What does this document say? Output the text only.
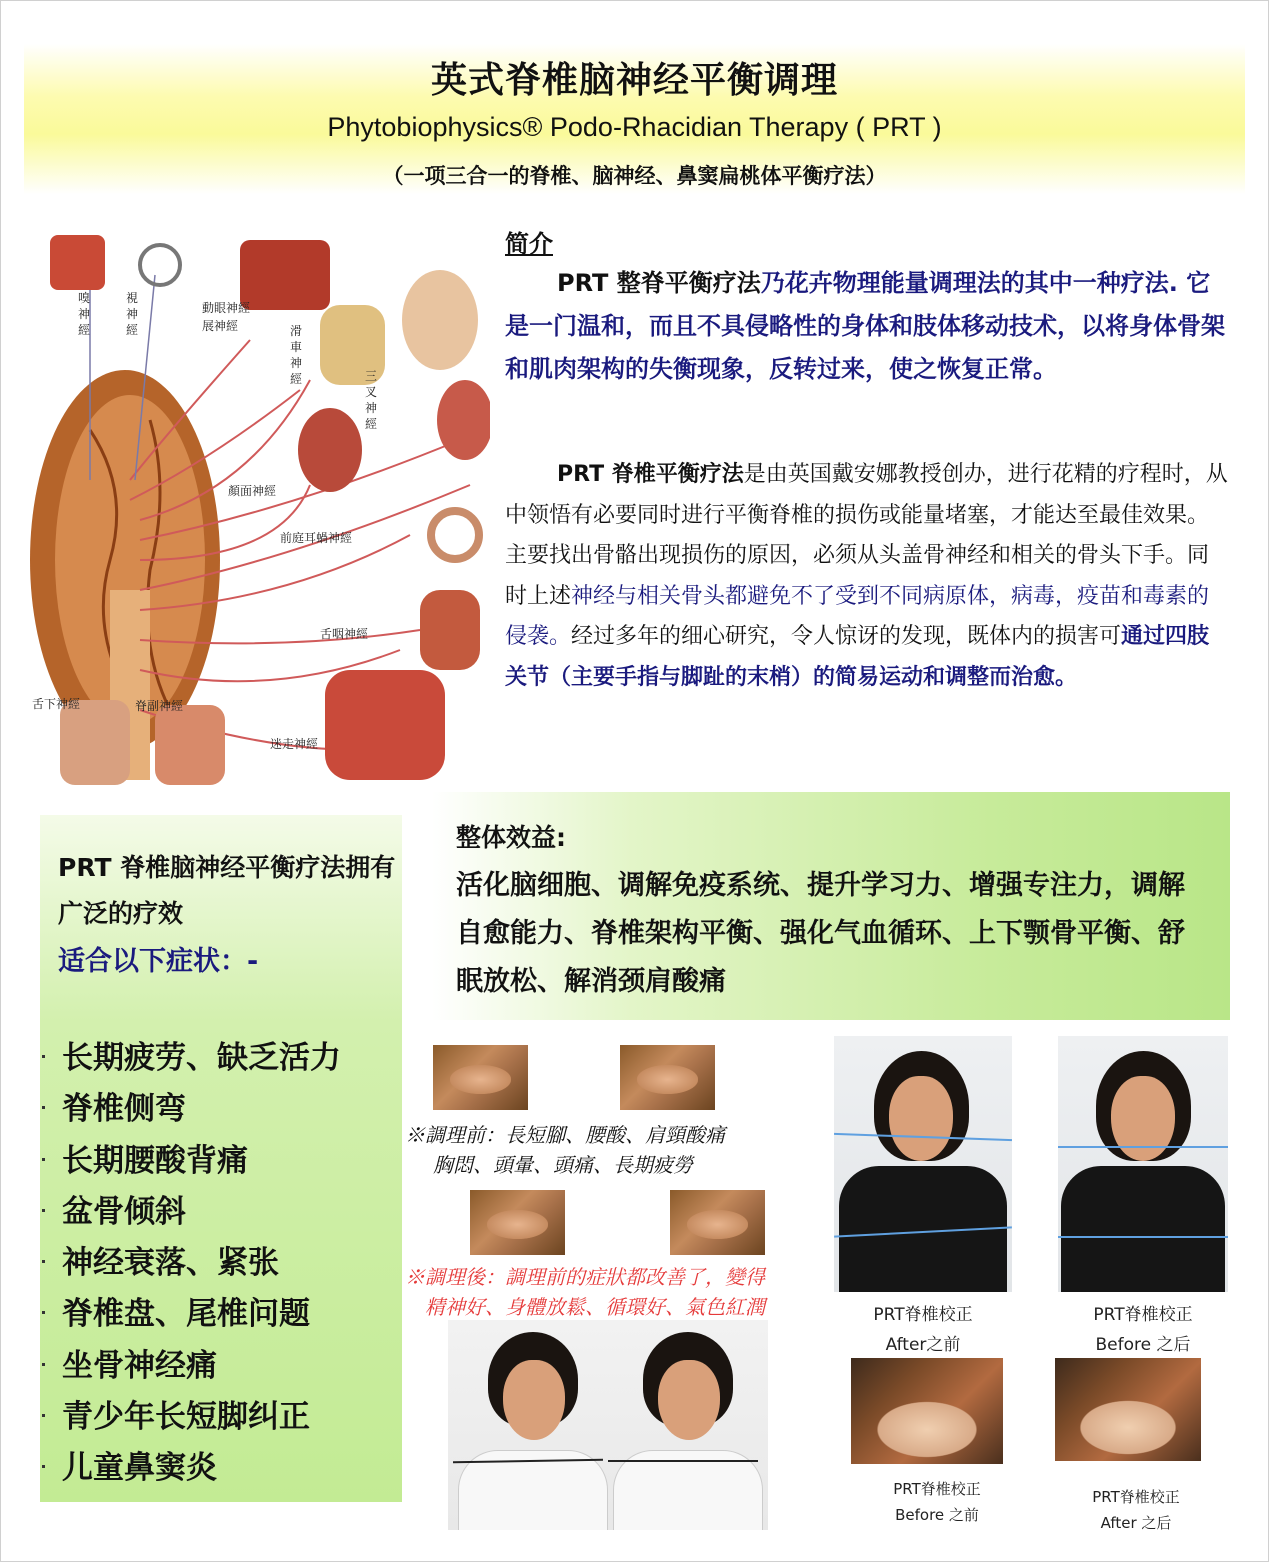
英式脊椎脑神经平衡调理
Phytobiophysics® Podo-Rhacidian Therapy ( PRT )
（一项三合一的脊椎、脑神经、鼻窦扁桃体平衡疗法）
嗅
神
經
視
神
經
動眼神經
展神經	滑
車
神
經	三
叉
神
經
顏面神經
前庭耳蝸神經
舌咽神經
舌下神經	脊副神經
迷走神經
简介
PRT 整脊平衡疗法乃花卉物理能量调理法的其中一种疗法. 它是一门温和，而且不具侵略性的身体和肢体移动技术，以将身体骨架和肌肉架构的失衡现象，反转过来，使之恢复正常。
PRT 脊椎平衡疗法是由英国戴安娜教授创办，进行花精的疗程时，从中领悟有必要同时进行平衡脊椎的损伤或能量堵塞，才能达至最佳效果。 主要找出骨骼出现损伤的原因，必须从头盖骨神经和相关的骨头下手。同时上述神经与相关骨头都避免不了受到不同病原体，病毒，疫苗和毒素的侵袭。经过多年的细心研究，令人惊讶的发现，既体内的损害可通过四肢关节（主要手指与脚趾的末梢）的简易运动和调整而治愈。
整体效益:
活化脑细胞、调解免疫系统、提升学习力、增强专注力，调解自愈能力、脊椎架构平衡、强化气血循环、上下颚骨平衡、舒眠放松、解消颈肩酸痛
PRT 脊椎脑神经平衡疗法拥有广泛的疗效
适合以下症状：-
长期疲劳、缺乏活力
脊椎侧弯
长期腰酸背痛
盆骨倾斜
神经衰落、紧张
脊椎盘、尾椎问题
坐骨神经痛
青少年长短脚纠正
儿童鼻窦炎
※調理前：長短腳、腰酸、肩頸酸痛
胸悶、頭暈、頭痛、長期疲勞
※調理後：調理前的症狀都改善了，變得
精神好、身體放鬆、循環好、氣色紅潤	PRT脊椎校正
After之前
PRT脊椎校正
Before 之后
PRT脊椎校正
Before 之前
PRT脊椎校正
After 之后
